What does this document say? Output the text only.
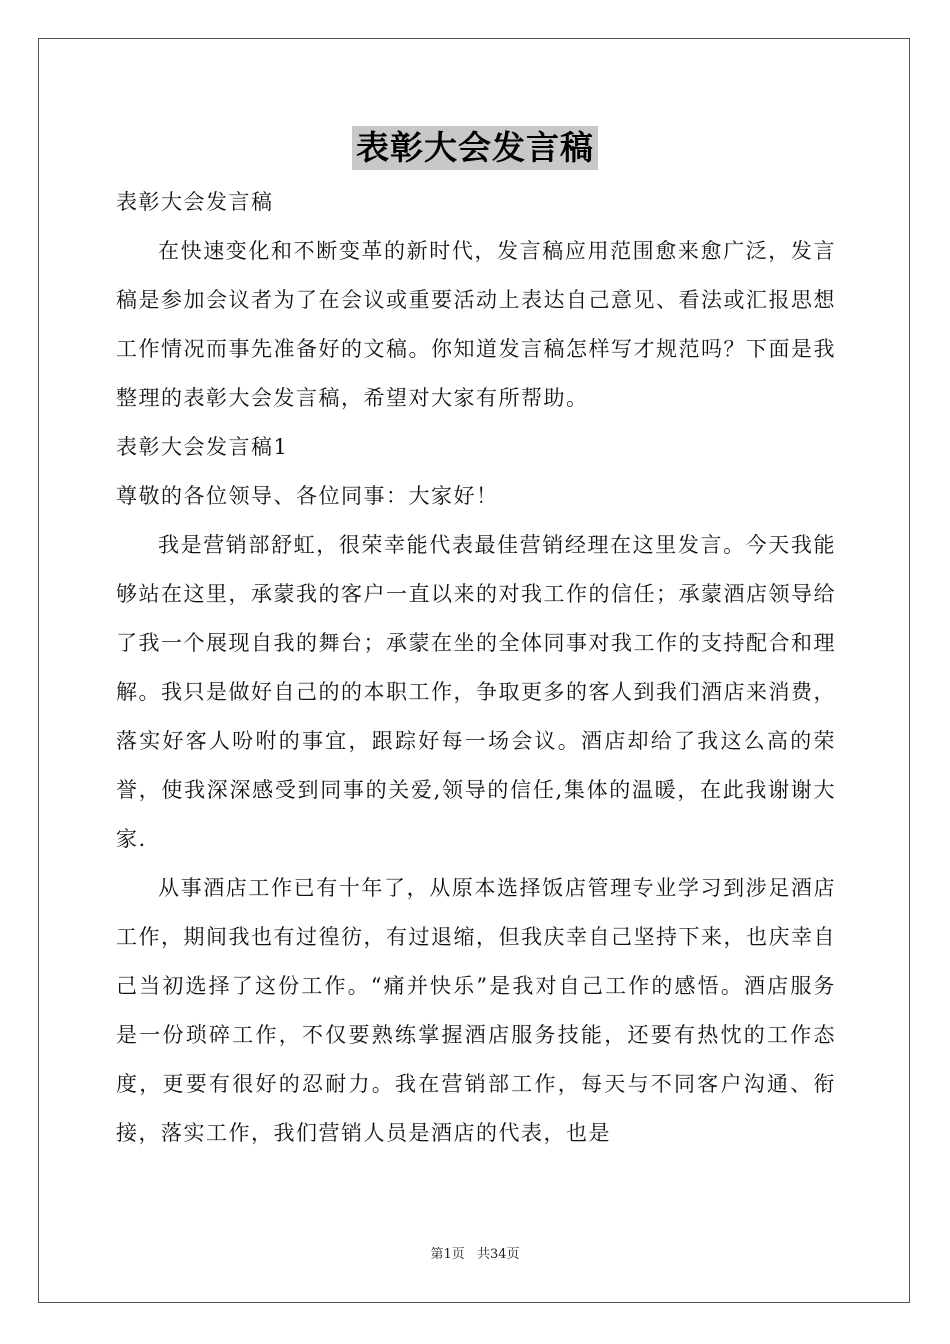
表彰大会发言稿

表彰大会发言稿

在快速变化和不断变革的新时代，发言稿应用范围愈来愈广泛，发言稿是参加会议者为了在会议或重要活动上表达自己意见、看法或汇报思想工作情况而事先准备好的文稿。你知道发言稿怎样写才规范吗？下面是我整理的表彰大会发言稿，希望对大家有所帮助。

表彰大会发言稿1

尊敬的各位领导、各位同事：大家好！

我是营销部舒虹，很荣幸能代表最佳营销经理在这里发言。今天我能够站在这里，承蒙我的客户一直以来的对我工作的信任；承蒙酒店领导给了我一个展现自我的舞台；承蒙在坐的全体同事对我工作的支持配合和理解。我只是做好自己的的本职工作，争取更多的客人到我们酒店来消费，落实好客人吩咐的事宜，跟踪好每一场会议。酒店却给了我这么高的荣誉，使我深深感受到同事的关爱,领导的信任,集体的温暖，在此我谢谢大家.

从事酒店工作已有十年了，从原本选择饭店管理专业学习到涉足酒店工作，期间我也有过徨彷，有过退缩，但我庆幸自己坚持下来，也庆幸自己当初选择了这份工作。“痛并快乐”是我对自己工作的感悟。酒店服务是一份琐碎工作，不仅要熟练掌握酒店服务技能，还要有热忱的工作态度，更要有很好的忍耐力。我在营销部工作，每天与不同客户沟通、衔接，落实工作，我们营销人员是酒店的代表，也是

第1页 共34页
